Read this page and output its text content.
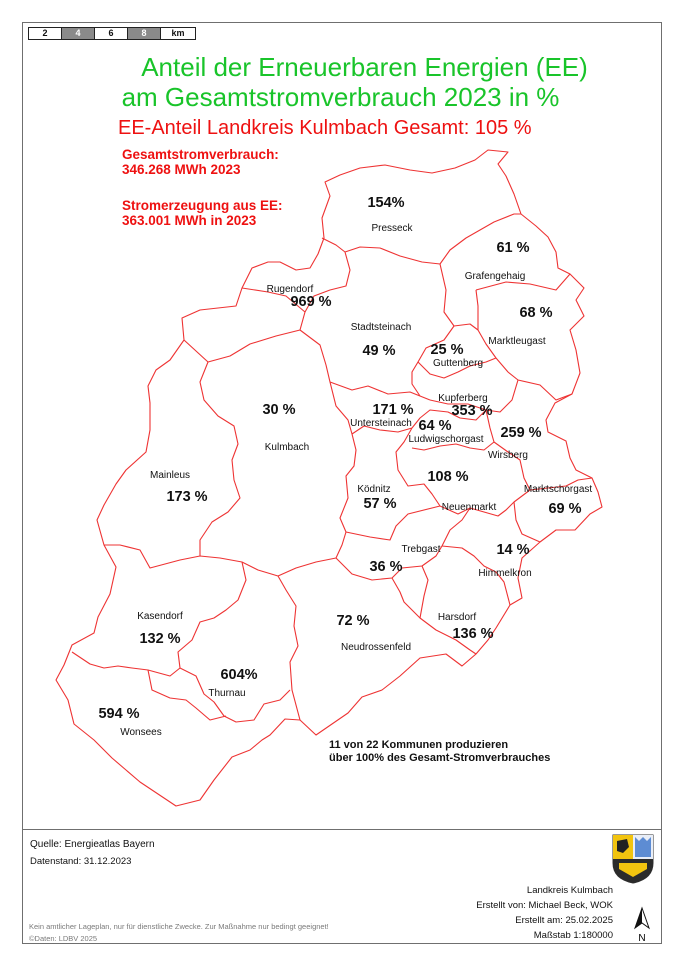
2	4	6	8	km
Anteil der Erneuerbaren Energien (EE)
am Gesamtstromverbrauch 2023 in %
EE-Anteil Landkreis Kulmbach Gesamt: 105 %
Gesamtstromverbrauch:
346.268 MWh 2023
Stromerzeugung aus EE:
363.001 MWh in 2023
154%
Presseck
61 %
Grafengehaig
Rugendorf
969 %
Stadtsteinach
49 % 25 %
Guttenberg
68 %
Marktleugast
30 %
Kulmbach
171 %
Untersteinach
Kupferberg
353 %
64 %
Ludwigschorgast 259 %
Wirsberg
Mainleus
173 %	Ködnitz
57 %
108 %
Neuenmarkt
Marktschorgast
69 %
Trebgast
36 %
14 %
Himmelkron
Kasendorf
132 %
72 %
Neudrossenfeld
Harsdorf
136 %
604%
Thurnau
594 %
Wonsees
11 von 22 Kommunen produzieren
über 100% des Gesamt-Stromverbrauches
Quelle: Energieatlas Bayern
Datenstand: 31.12.2023
Kein amtlicher Lageplan, nur für dienstliche Zwecke. Zur Maßnahme nur bedingt geeignet!
©Daten: LDBV 2025
Landkreis Kulmbach
Erstellt von: Michael Beck, WOK
Erstellt am: 25.02.2025
Maßstab 1:180000	N
